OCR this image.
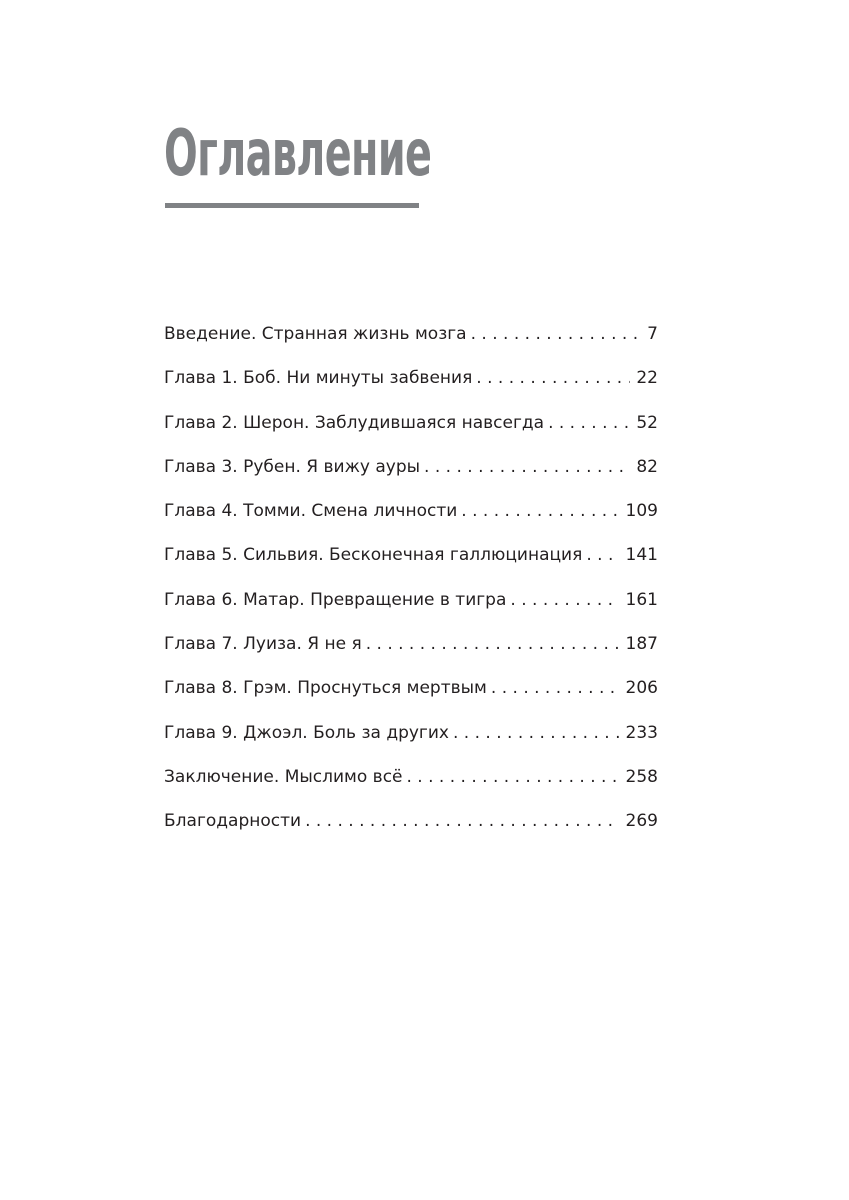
Оглавление
Введение. Странная жизнь мозга . . .	7
Глава 1. Боб. Ни минуты забвения . . .	22
Глава 2. Шерон. Заблудившаяся навсегда . . .	52
Глава 3. Рубен. Я вижу ауры . . .	82
Глава 4. Томми. Смена личности . . .	109
Глава 5. Сильвия. Бесконечная галлюцинация . . .	141
Глава 6. Матар. Превращение в тигра . . .	161
Глава 7. Луиза. Я не я . . .	187
Глава 8. Грэм. Проснуться мертвым . . .	206
Глава 9. Джоэл. Боль за других . . .	233
Заключение. Мыслимо всё . . .	258
Благодарности . . .	269
